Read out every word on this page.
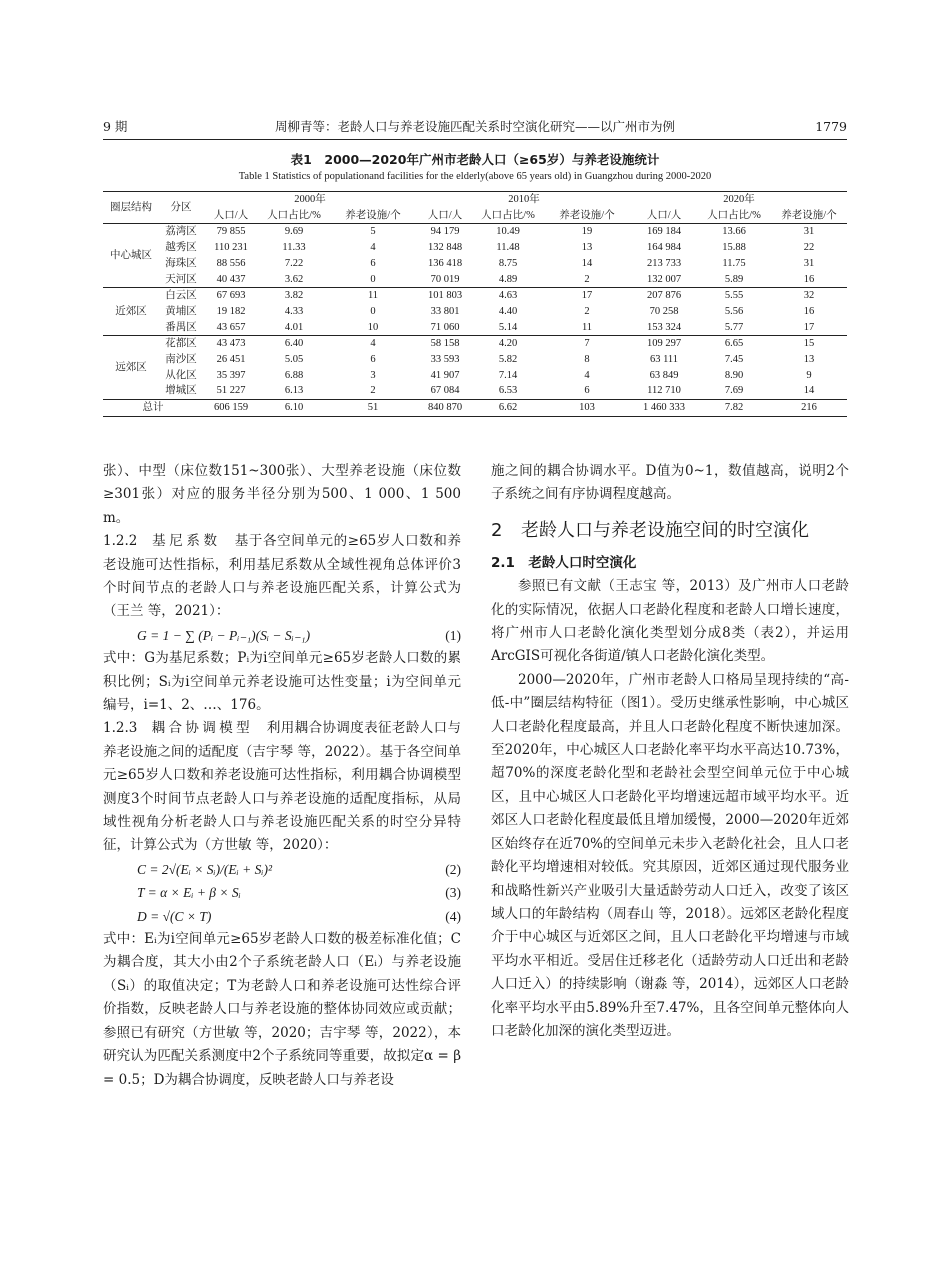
9 期	周柳青等：老龄人口与养老设施匹配关系时空演化研究——以广州市为例	1779
表1　2000—2020年广州市老龄人口（≥65岁）与养老设施统计
Table 1 Statistics of populationand facilities for the elderly(above 65 years old) in Guangzhou during 2000-2020
圈层结构	分区	2000年			2010年			2020年		
		人口/人	人口占比/%	养老设施/个	人口/人	人口占比/%	养老设施/个	人口/人	人口占比/%	养老设施/个
中心城区	荔湾区	79 855	9.69	5	94 179	10.49	19	169 184	13.66	31
	越秀区	110 231	11.33	4	132 848	11.48	13	164 984	15.88	22
	海珠区	88 556	7.22	6	136 418	8.75	14	213 733	11.75	31
	天河区	40 437	3.62	0	70 019	4.89	2	132 007	5.89	16
近郊区	白云区	67 693	3.82	11	101 803	4.63	17	207 876	5.55	32
	黄埔区	19 182	4.33	0	33 801	4.40	2	70 258	5.56	16
	番禺区	43 657	4.01	10	71 060	5.14	11	153 324	5.77	17
远郊区	花都区	43 473	6.40	4	58 158	4.20	7	109 297	6.65	15
	南沙区	26 451	5.05	6	33 593	5.82	8	63 111	7.45	13
	从化区	35 397	6.88	3	41 907	7.14	4	63 849	8.90	9
	增城区	51 227	6.13	2	67 084	6.53	6	112 710	7.69	14
总计		606 159	6.10	51	840 870	6.62	103	1 460 333	7.82	216

张）、中型（床位数151~300张）、大型养老设施（床位数≥301张）对应的服务半径分别为500、1 000、1 500 m。

1.2.2　基尼系数　基于各空间单元的≥65岁人口数和养老设施可达性指标，利用基尼系数从全域性视角总体评价3个时间节点的老龄人口与养老设施匹配关系，计算公式为（王兰 等，2021）：

G = 1 − ∑ (Pᵢ − Pᵢ₋₁)(Sᵢ − Sᵢ₋₁)	(1)

式中：G为基尼系数；Pᵢ为i空间单元≥65岁老龄人口数的累积比例；Sᵢ为i空间单元养老设施可达性变量；i为空间单元编号，i=1、2、…、176。

1.2.3　耦合协调模型　利用耦合协调度表征老龄人口与养老设施之间的适配度（吉宇琴 等，2022）。基于各空间单元≥65岁人口数和养老设施可达性指标，利用耦合协调模型测度3个时间节点老龄人口与养老设施的适配度指标，从局域性视角分析老龄人口与养老设施匹配关系的时空分异特征，计算公式为（方世敏 等，2020）：

C = 2√(Eᵢ × Sᵢ)/(Eᵢ + Sᵢ)²	(2)
T = α × Eᵢ + β × Sᵢ	(3)
D = √(C × T)	(4)

式中：Eᵢ为i空间单元≥65岁老龄人口数的极差标准化值；C为耦合度，其大小由2个子系统老龄人口（Eᵢ）与养老设施（Sᵢ）的取值决定；T为老龄人口和养老设施可达性综合评价指数，反映老龄人口与养老设施的整体协同效应或贡献；参照已有研究（方世敏 等，2020；吉宇琴 等，2022），本研究认为匹配关系测度中2个子系统同等重要，故拟定α = β = 0.5；D为耦合协调度，反映老龄人口与养老设

施之间的耦合协调水平。D值为0~1，数值越高，说明2个子系统之间有序协调程度越高。

2	老龄人口与养老设施空间的时空演化
2.1　老龄人口时空演化

参照已有文献（王志宝 等，2013）及广州市人口老龄化的实际情况，依据人口老龄化程度和老龄人口增长速度，将广州市人口老龄化演化类型划分成8类（表2），并运用ArcGIS可视化各街道/镇人口老龄化演化类型。

2000—2020年，广州市老龄人口格局呈现持续的“高-低-中”圈层结构特征（图1）。受历史继承性影响，中心城区人口老龄化程度最高，并且人口老龄化程度不断快速加深。至2020年，中心城区人口老龄化率平均水平高达10.73%，超70%的深度老龄化型和老龄社会型空间单元位于中心城区，且中心城区人口老龄化平均增速远超市域平均水平。近郊区人口老龄化程度最低且增加缓慢，2000—2020年近郊区始终存在近70%的空间单元未步入老龄化社会，且人口老龄化平均增速相对较低。究其原因，近郊区通过现代服务业和战略性新兴产业吸引大量适龄劳动人口迁入，改变了该区域人口的年龄结构（周春山 等，2018）。远郊区老龄化程度介于中心城区与近郊区之间，且人口老龄化平均增速与市域平均水平相近。受居住迁移老化（适龄劳动人口迁出和老龄人口迁入）的持续影响（谢淼 等，2014），远郊区人口老龄化率平均水平由5.89%升至7.47%，且各空间单元整体向人口老龄化加深的演化类型迈进。
